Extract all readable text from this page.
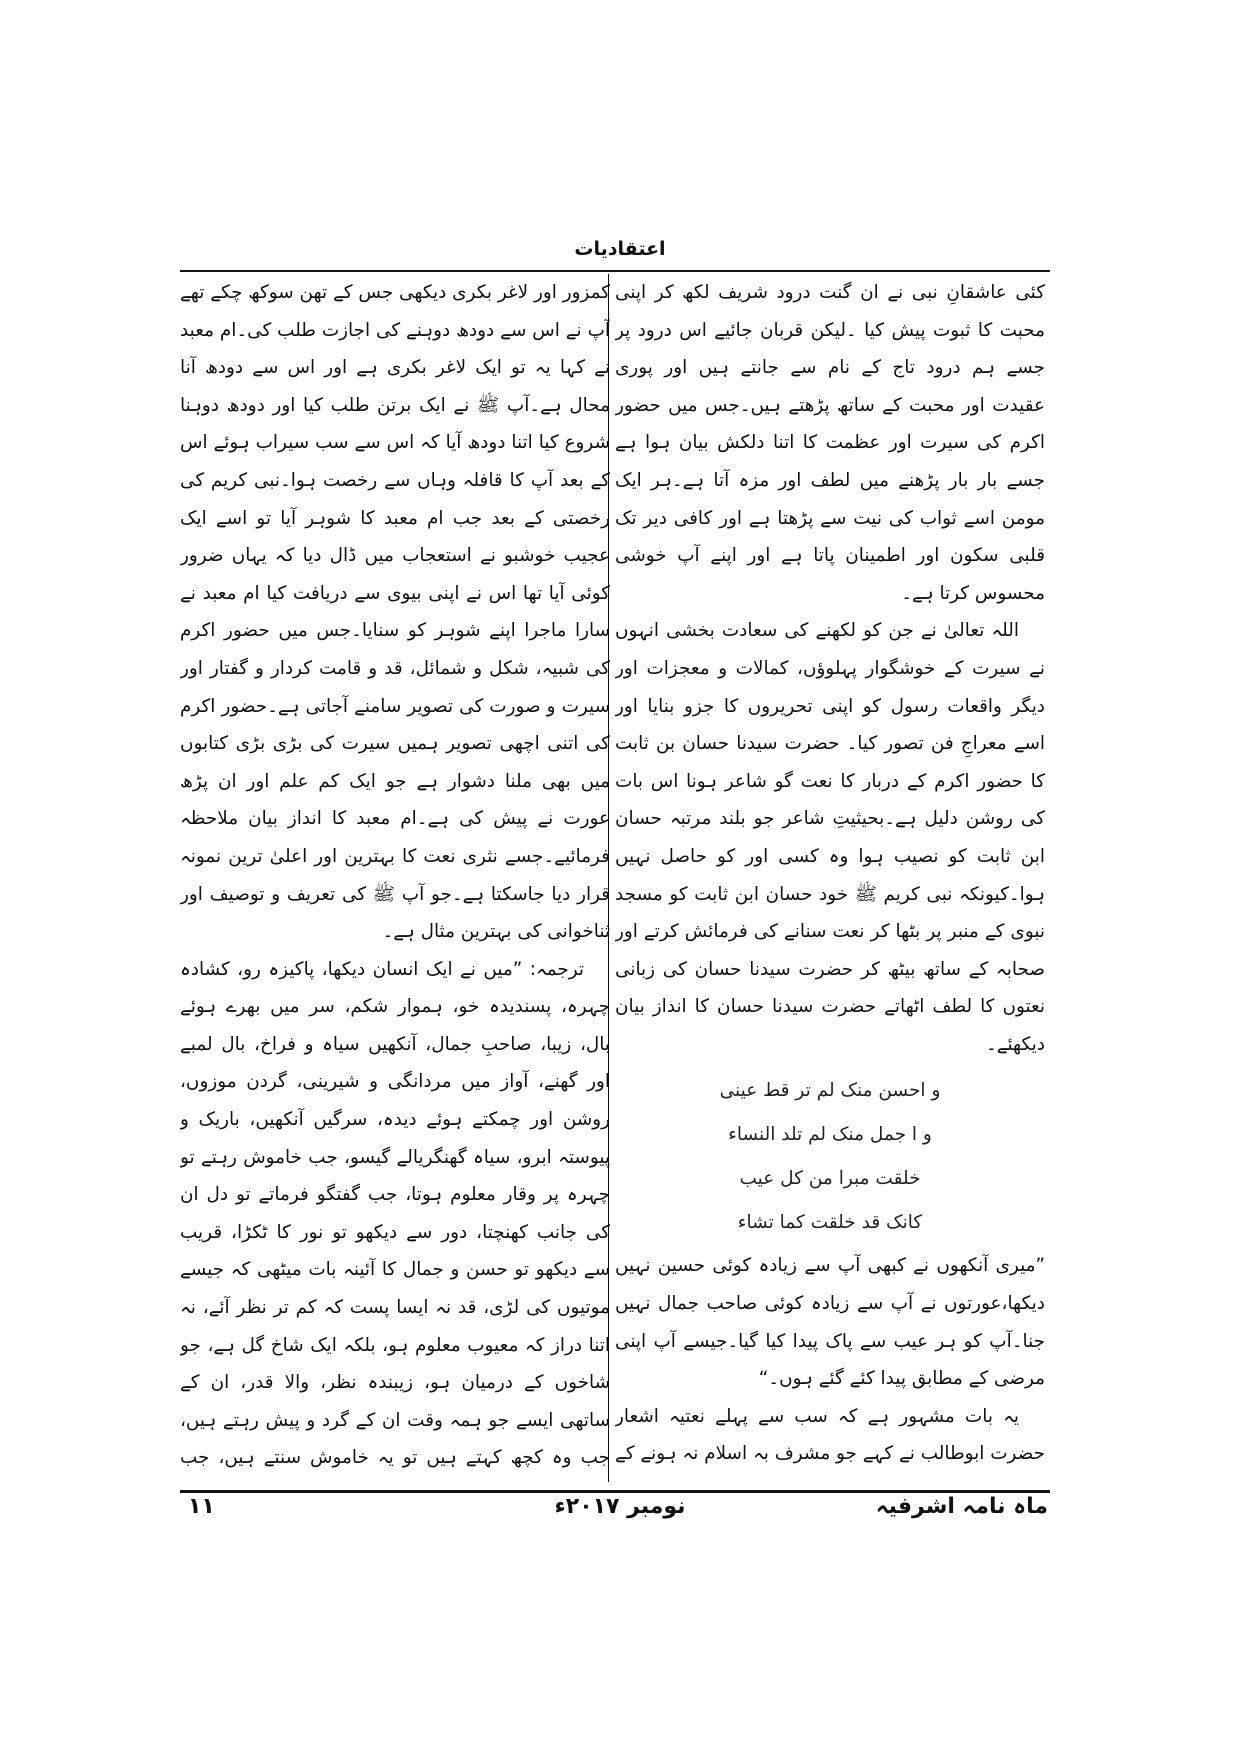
اعتقادیات

کئی عاشقانِ نبی نے ان گنت درود شریف لکھ کر اپنی محبت کا ثبوت پیش کیا ۔لیکن قربان جائیے اس درود پر جسے ہم درود تاج کے نام سے جانتے ہیں اور پوری عقیدت اور محبت کے ساتھ پڑھتے ہیں۔جس میں حضور اکرم کی سیرت اور عظمت کا اتنا دلکش بیان ہوا ہے جسے بار بار پڑھنے میں لطف اور مزہ آتا ہے۔ہر ایک مومن اسے ثواب کی نیت سے پڑھتا ہے اور کافی دیر تک قلبی سکون اور اطمینان پاتا ہے اور اپنے آپ خوشی محسوس کرتا ہے۔

اللہ تعالیٰ نے جن کو لکھنے کی سعادت بخشی انہوں نے سیرت کے خوشگوار پہلوؤں، کمالات و معجزات اور دیگر واقعات رسول کو اپنی تحریروں کا جزو بنایا اور اسے معراجِ فن تصور کیا۔ حضرت سیدنا حسان بن ثابت کا حضور اکرم کے دربار کا نعت گو شاعر ہونا اس بات کی روشن دلیل ہے۔بحیثیتِ شاعر جو بلند مرتبہ حسان ابن ثابت کو نصیب ہوا وہ کسی اور کو حاصل نہیں ہوا۔کیونکہ نبی کریم ﷺ خود حسان ابن ثابت کو مسجد نبوی کے منبر پر بٹھا کر نعت سنانے کی فرمائش کرتے اور صحابہ کے ساتھ بیٹھ کر حضرت سیدنا حسان کی زبانی نعتوں کا لطف اٹھاتے حضرت سیدنا حسان کا انداز بیان دیکھئے۔

و احسن منک لم تر قط عینی
و ا جمل منک لم تلد النساء
خلقت مبرا من کل عیب
کانک قد خلقت کما تشاء

”میری آنکھوں نے کبھی آپ سے زیادہ کوئی حسین نہیں دیکھا،عورتوں نے آپ سے زیادہ کوئی صاحب جمال نہیں جنا۔آپ کو ہر عیب سے پاک پیدا کیا گیا۔جیسے آپ اپنی مرضی کے مطابق پیدا کئے گئے ہوں۔“

یہ بات مشہور ہے کہ سب سے پہلے نعتیہ اشعار حضرت ابوطالب نے کہے جو مشرف بہ اسلام نہ ہونے کے

کمزور اور لاغر بکری دیکھی جس کے تھن سوکھ چکے تھے آپ نے اس سے دودھ دوہنے کی اجازت طلب کی۔ام معبد نے کہا یہ تو ایک لاغر بکری ہے اور اس سے دودھ آنا محال ہے۔آپ ﷺ نے ایک برتن طلب کیا اور دودھ دوہنا شروع کیا اتنا دودھ آیا کہ اس سے سب سیراب ہوئے اس کے بعد آپ کا قافلہ وہاں سے رخصت ہوا۔نبی کریم کی رخصتی کے بعد جب ام معبد کا شوہر آیا تو اسے ایک عجیب خوشبو نے استعجاب میں ڈال دیا کہ یہاں ضرور کوئی آیا تھا اس نے اپنی بیوی سے دریافت کیا ام معبد نے سارا ماجرا اپنے شوہر کو سنایا۔جس میں حضور اکرم کی شبیہ، شکل و شمائل، قد و قامت کردار و گفتار اور سیرت و صورت کی تصویر سامنے آجاتی ہے۔حضور اکرم کی اتنی اچھی تصویر ہمیں سیرت کی بڑی بڑی کتابوں میں بھی ملنا دشوار ہے جو ایک کم علم اور ان پڑھ عورت نے پیش کی ہے۔ام معبد کا انداز بیان ملاحظہ فرمائیے۔جسے نثری نعت کا بہترین اور اعلیٰ ترین نمونہ قرار دیا جاسکتا ہے۔جو آپ ﷺ کی تعریف و توصیف اور ثناخوانی کی بہترین مثال ہے۔

ترجمہ: ”میں نے ایک انسان دیکھا، پاکیزہ رو، کشادہ چہرہ، پسندیدہ خو، ہموار شکم، سر میں بھرے ہوئے بال، زیبا، صاحبِ جمال، آنکھیں سیاہ و فراخ، بال لمبے اور گھنے، آواز میں مردانگی و شیرینی، گردن موزوں، روشن اور چمکتے ہوئے دیدہ، سرگیں آنکھیں، باریک و پیوستہ ابرو، سیاہ گھنگریالے گیسو، جب خاموش رہتے تو چہرہ پر وقار معلوم ہوتا، جب گفتگو فرماتے تو دل ان کی جانب کھنچتا، دور سے دیکھو تو نور کا ٹکڑا، قریب سے دیکھو تو حسن و جمال کا آئینہ بات میٹھی کہ جیسے موتیوں کی لڑی، قد نہ ایسا پست کہ کم تر نظر آئے، نہ اتنا دراز کہ معیوب معلوم ہو، بلکہ ایک شاخ گل ہے، جو شاخوں کے درمیان ہو، زیبندہ نظر، والا قدر، ان کے ساتھی ایسے جو ہمہ وقت ان کے گرد و پیش رہتے ہیں، جب وہ کچھ کہتے ہیں تو یہ خاموش سنتے ہیں، جب

۱۱	نومبر ۲۰۱۷ء	ماہ نامہ اشرفیہ
